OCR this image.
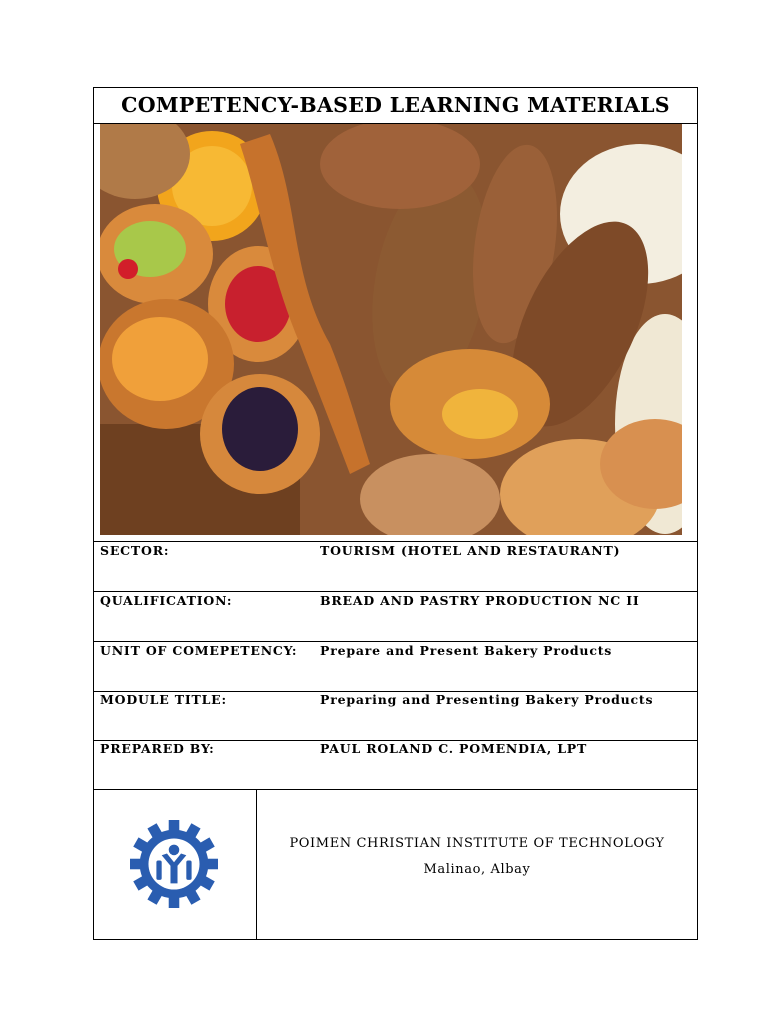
COMPETENCY-BASED LEARNING MATERIALS
SECTOR:	TOURISM (HOTEL AND RESTAURANT)
QUALIFICATION:	BREAD AND PASTRY PRODUCTION NC II
UNIT OF COMEPETENCY: Prepare and Present Bakery Products
MODULE TITLE:	Preparing and Presenting Bakery Products
PREPARED BY:	PAUL ROLAND C. POMENDIA, LPT
POIMEN CHRISTIAN INSTITUTE OF TECHNOLOGY
Malinao, Albay
